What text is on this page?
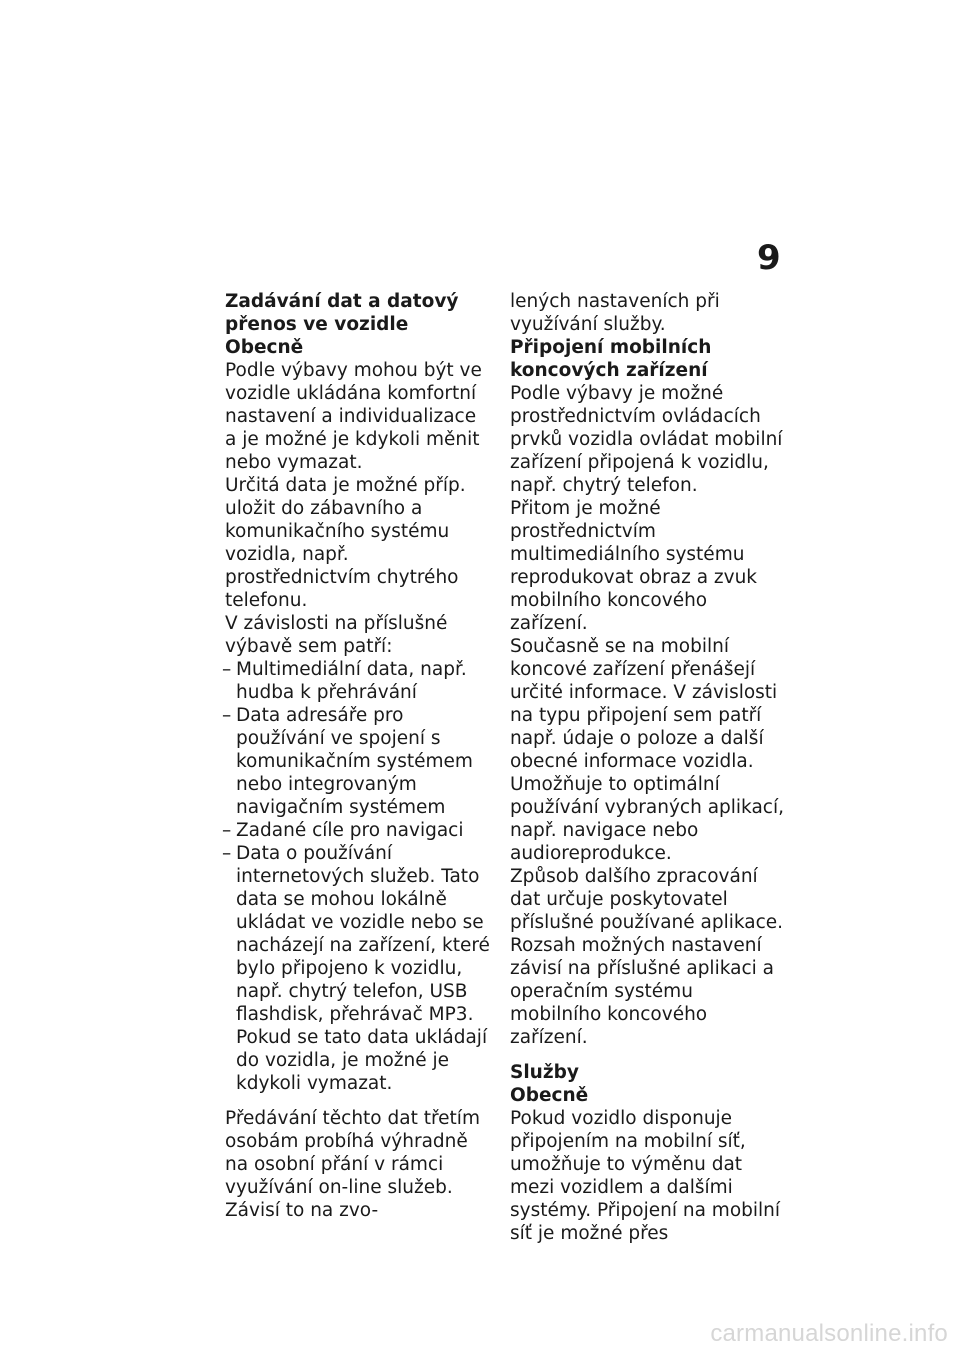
9

Zadávání dat a datový přenos ve vozidle

Obecně

Podle výbavy mohou být ve vozidle ukládána komfortní nastavení a individualizace a je možné je kdykoli měnit nebo vymazat.

Určitá data je možné příp. uložit do zábavního a komunikačního systému vozidla, např. prostřednictvím chytrého telefonu.

V závislosti na příslušné výbavě sem patří:

– Multimediální data, např. hudba k přehrávání
– Data adresáře pro používání ve spojení s komunikačním systémem nebo integrovaným navigačním systémem
– Zadané cíle pro navigaci
– Data o používání internetových služeb. Tato data se mohou lokálně ukládat ve vozidle nebo se nacházejí na zařízení, které bylo připojeno k vozidlu, např. chytrý telefon, USB flashdisk, přehrávač MP3. Pokud se tato data ukládají do vozidla, je možné je kdykoli vymazat.

Předávání těchto dat třetím osobám probíhá výhradně na osobní přání v rámci využívání on-line služeb. Závisí to na zvo-

lených nastaveních při využívání služby.

Připojení mobilních koncových zařízení

Podle výbavy je možné prostřednictvím ovládacích prvků vozidla ovládat mobilní zařízení připojená k vozidlu, např. chytrý telefon.

Přitom je možné prostřednictvím multimediálního systému reprodukovat obraz a zvuk mobilního koncového zařízení.

Současně se na mobilní koncové zařízení přenášejí určité informace. V závislosti na typu připojení sem patří např. údaje o poloze a další obecné informace vozidla. Umožňuje to optimální používání vybraných aplikací, např. navigace nebo audioreprodukce.

Způsob dalšího zpracování dat určuje poskytovatel příslušné používané aplikace. Rozsah možných nastavení závisí na příslušné aplikaci a operačním systému mobilního koncového zařízení.

Služby

Obecně

Pokud vozidlo disponuje připojením na mobilní síť, umožňuje to výměnu dat mezi vozidlem a dalšími systémy. Připojení na mobilní síť je možné přes

carmanualsonline.info
